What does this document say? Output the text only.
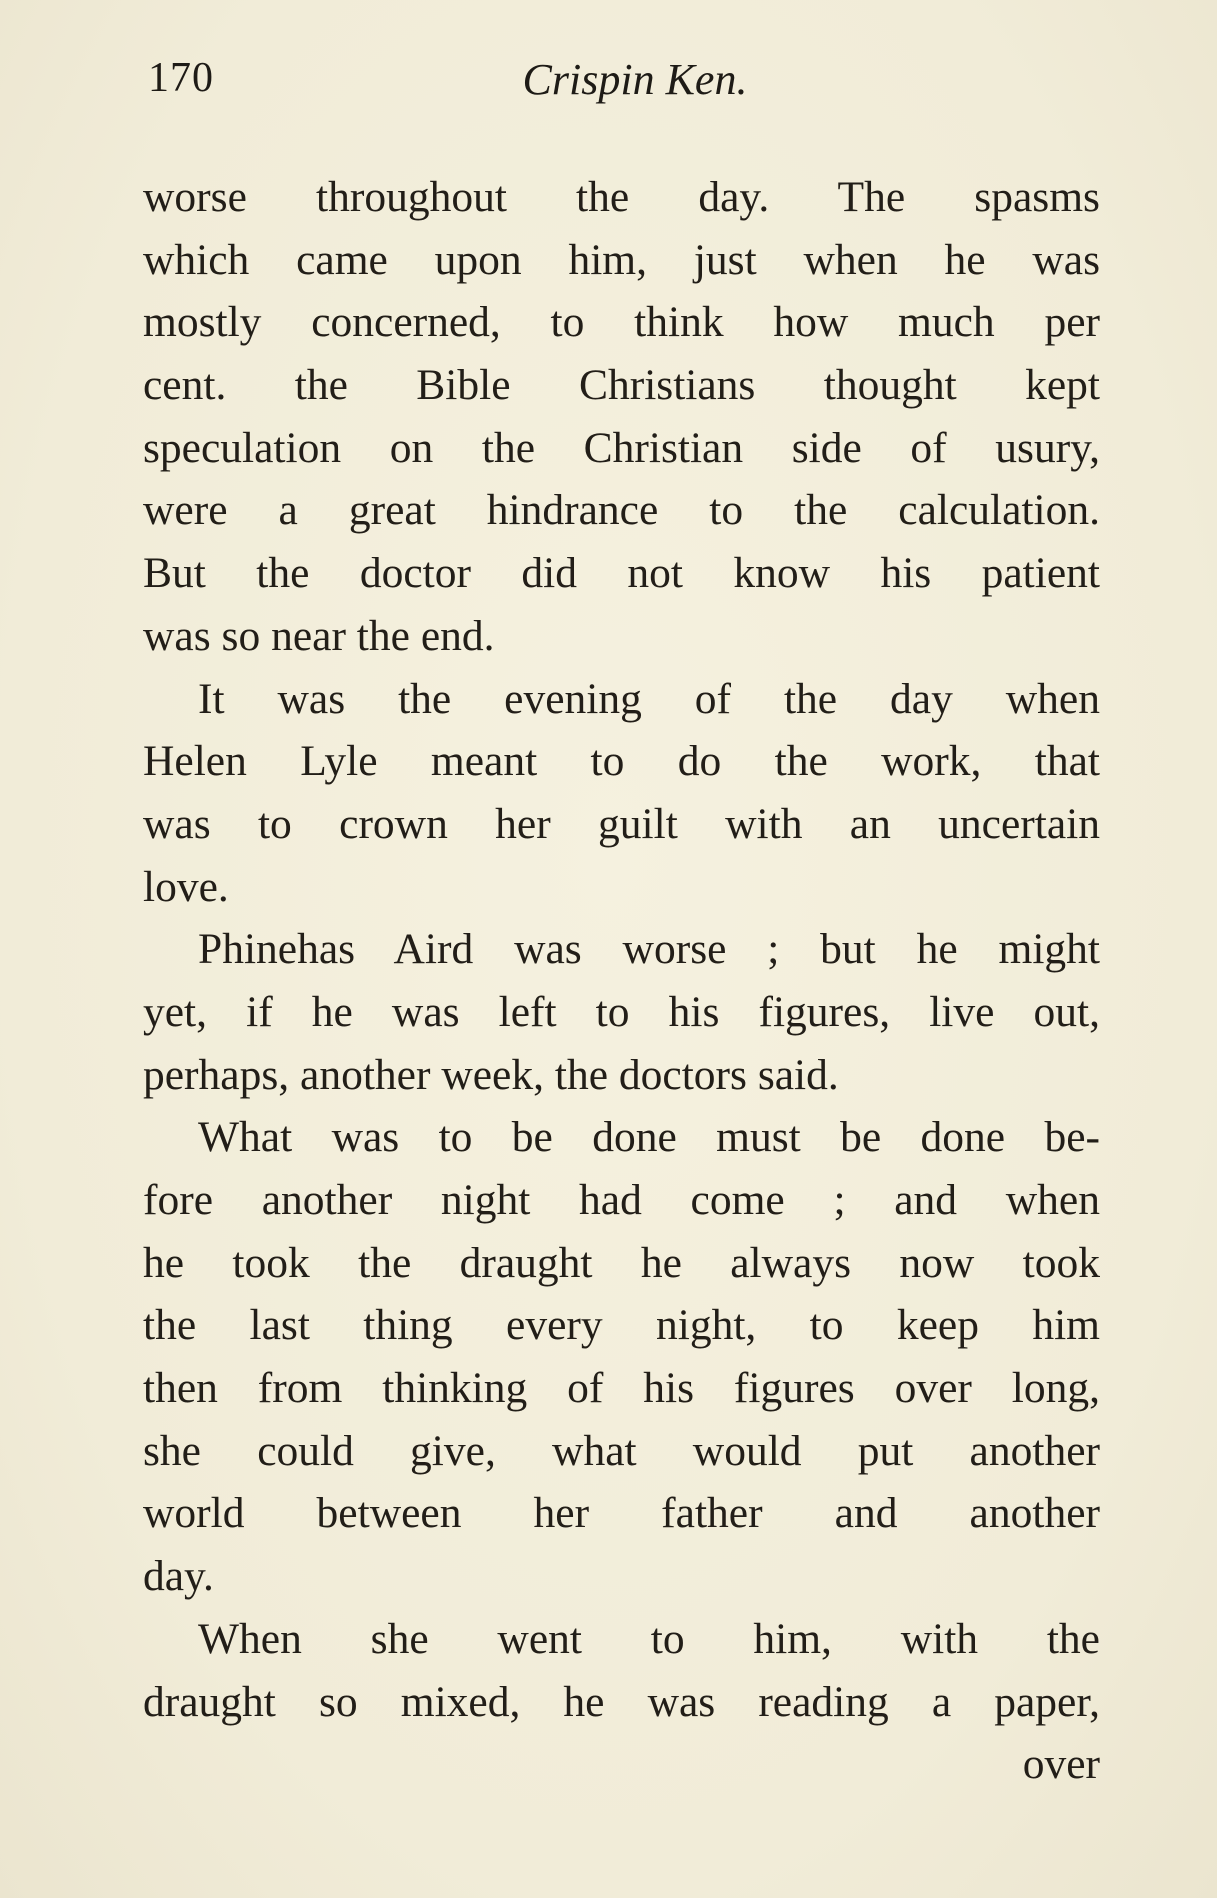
170	Crispin Ken.
worse throughout the day. The spasms
which came upon him, just when he was
mostly concerned, to think how much per
cent. the Bible Christians thought kept
speculation on the Christian side of usury,
were a great hindrance to the calculation.
But the doctor did not know his patient
was so near the end.
It was the evening of the day when
Helen Lyle meant to do the work, that
was to crown her guilt with an uncertain
love.
Phinehas Aird was worse ; but he might
yet, if he was left to his figures, live out,
perhaps, another week, the doctors said.
What was to be done must be done be-
fore another night had come ; and when
he took the draught he always now took
the last thing every night, to keep him
then from thinking of his figures over long,
she could give, what would put another
world between her father and another
day.
When she went to him, with the
draught so mixed, he was reading a paper,
over
